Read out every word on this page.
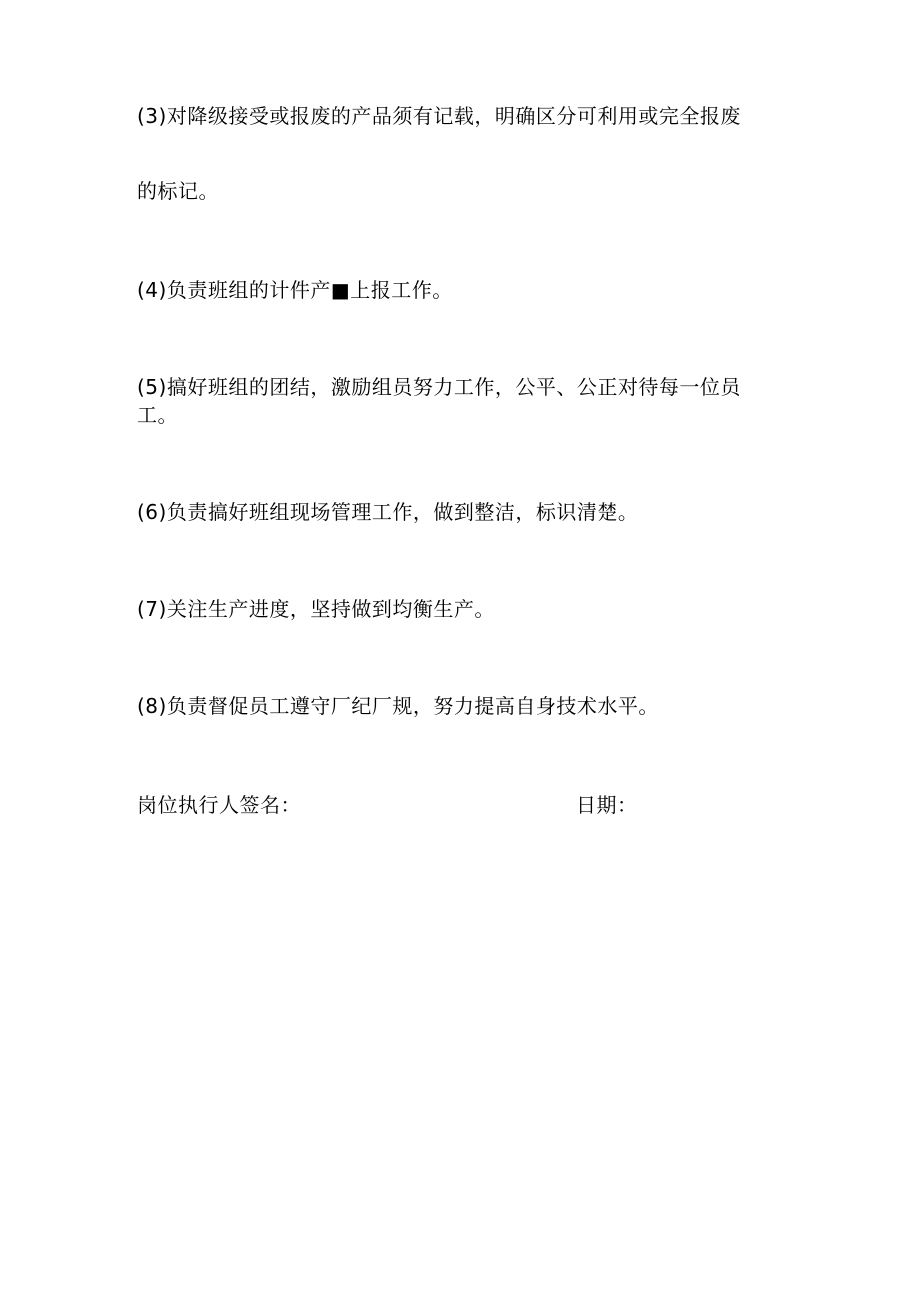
(3)对降级接受或报废的产品须有记载，明确区分可利用或完全报废
的标记。
(4)负责班组的计件产■上报工作。
(5)搞好班组的团结，激励组员努力工作，公平、公正对待每一位员工。
(6)负责搞好班组现场管理工作，做到整洁，标识清楚。
(7)关注生产进度，坚持做到均衡生产。
(8)负责督促员工遵守厂纪厂规，努力提高自身技术水平。
岗位执行人签名：	日期：
